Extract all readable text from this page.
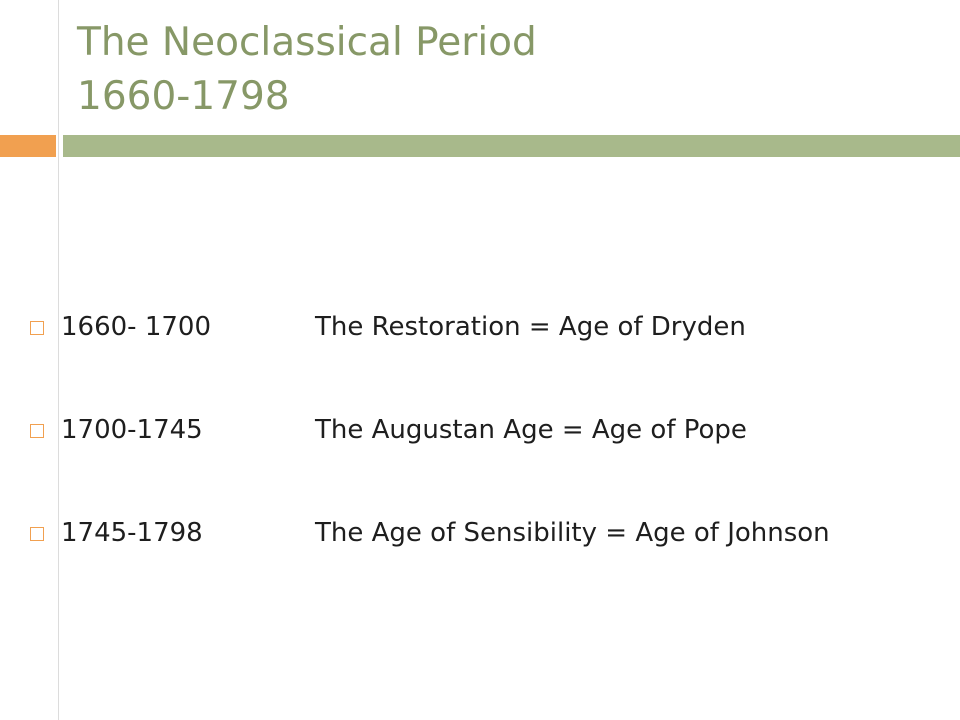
The Neoclassical Period
1660-1798
1660- 1700	The Restoration = Age of Dryden
1700-1745	The Augustan Age = Age of Pope
1745-1798	The Age of Sensibility = Age of Johnson
